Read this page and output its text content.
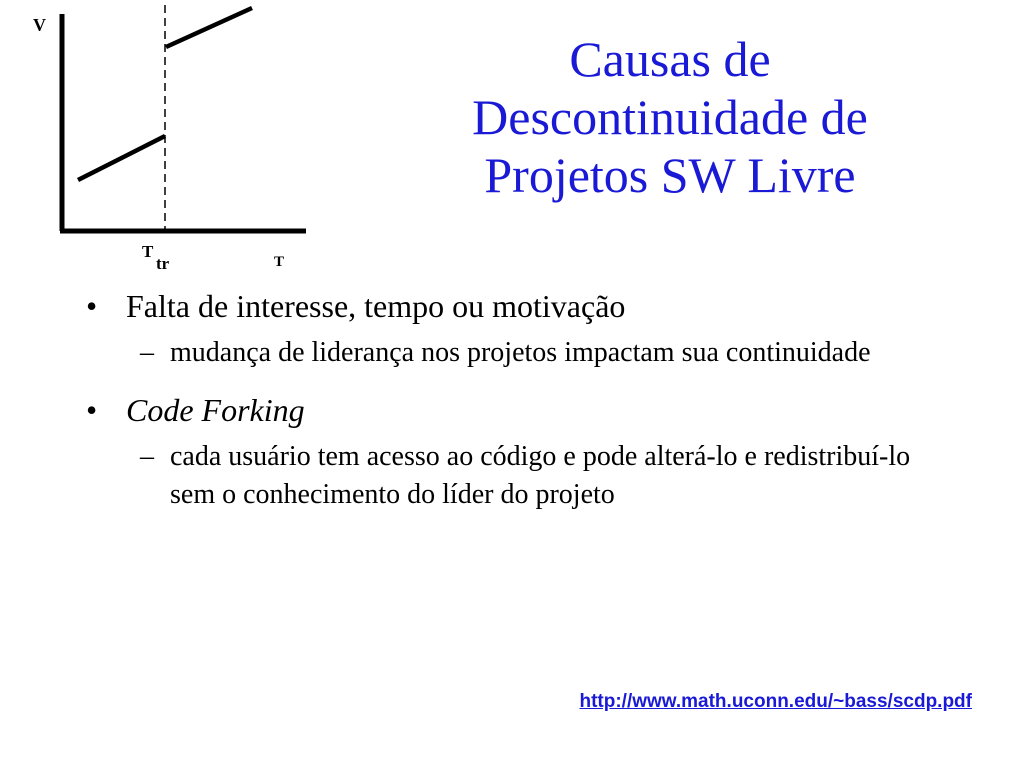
V
T
tr	T
Causas de
Descontinuidade de
Projetos SW Livre
• Falta de interesse, tempo ou motivação
– mudança de liderança nos projetos impactam sua continuidade
• Code Forking
– cada usuário tem acesso ao código e pode alterá-lo e redistribuí-lo sem o conhecimento do líder do projeto
http://www.math.uconn.edu/~bass/scdp.pdf
